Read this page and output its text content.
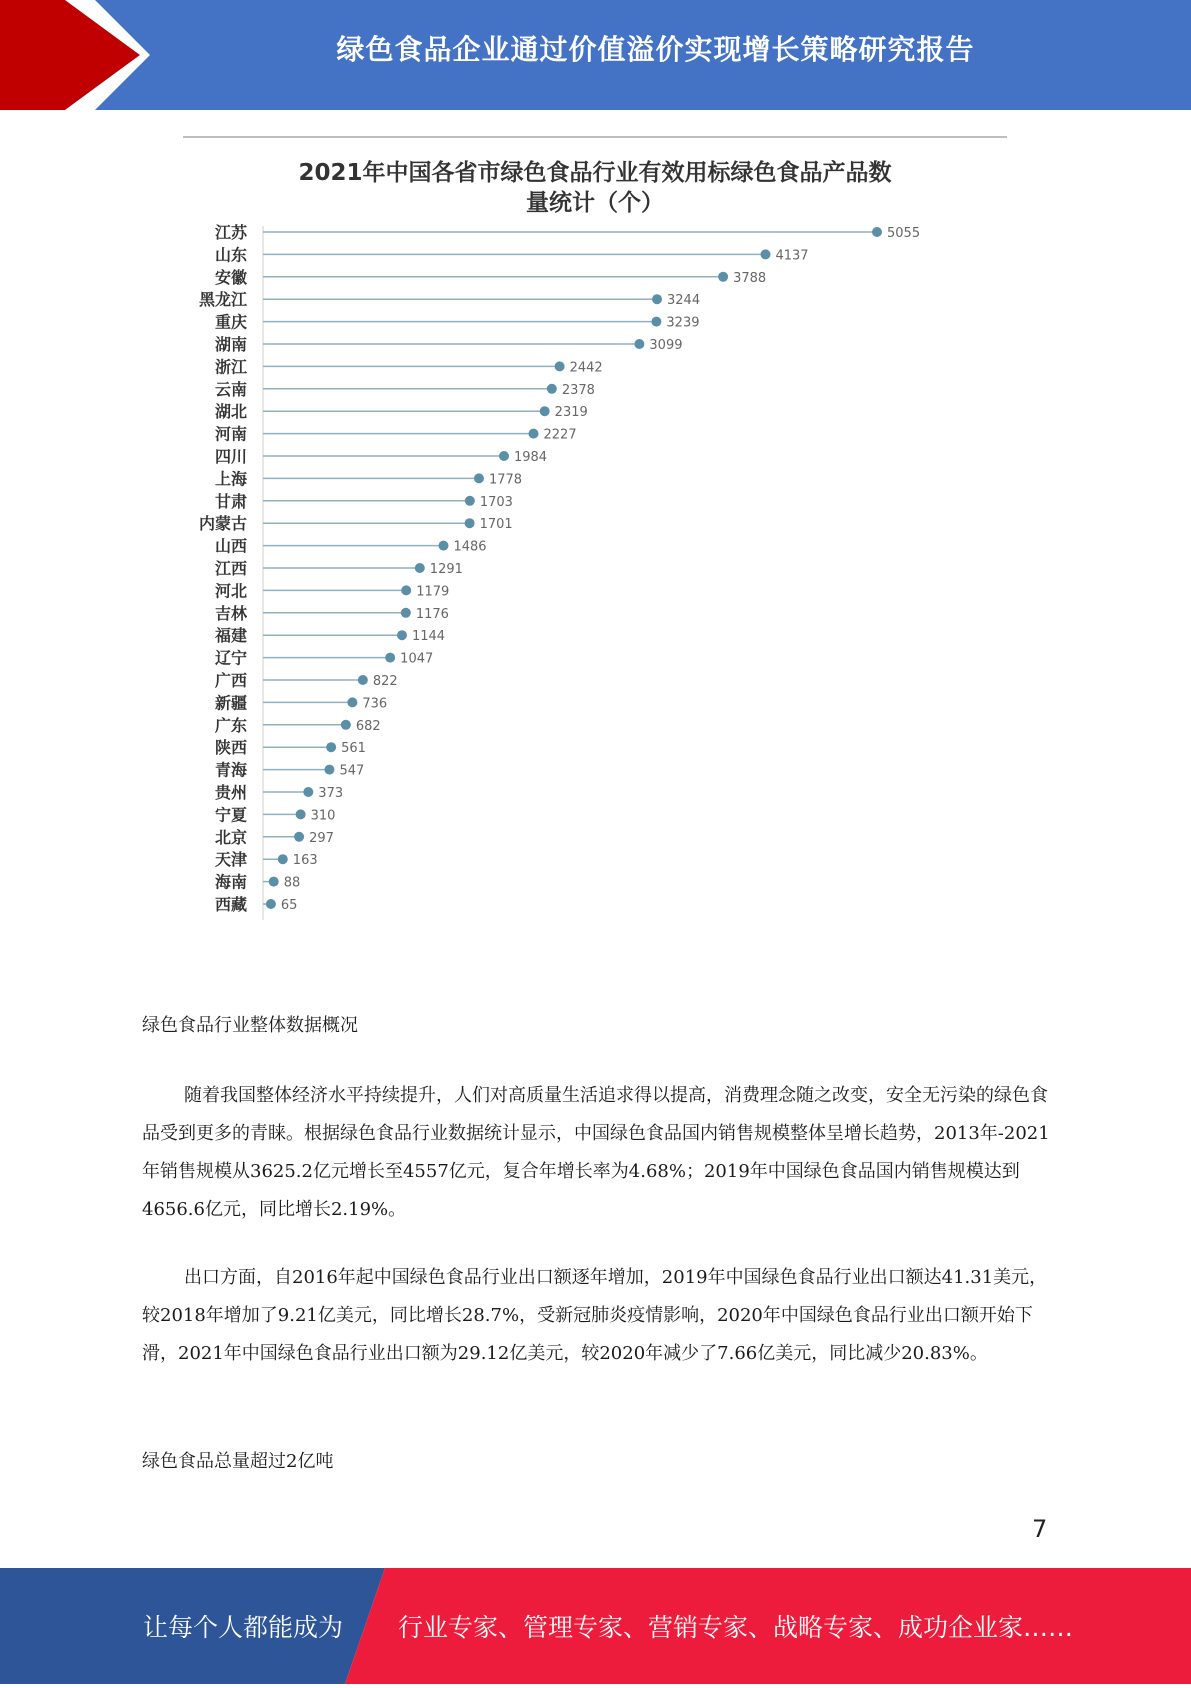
绿色食品企业通过价值溢价实现增长策略研究报告
2021年中国各省市绿色食品行业有效用标绿色食品产品数
量统计（个）
江苏	5055
山东	4137
安徽	3788
黑龙江	3244
重庆	3239
湖南	3099
浙江	2442
云南	2378
湖北	2319
河南	2227
四川	1984
上海	1778
甘肃	1703
内蒙古	1701
山西	1486
江西	1291
河北	1179
吉林	1176
福建	1144
辽宁	1047
广西	822
新疆	736
广东	682
陕西	561
青海	547
贵州	373
宁夏	310
北京	297
天津	163
海南	88
西藏	65
绿色食品行业整体数据概况
随着我国整体经济水平持续提升，人们对高质量生活追求得以提高，消费理念随之改变，安全无污染的绿色食品受到更多的青睐。根据绿色食品行业数据统计显示，中国绿色食品国内销售规模整体呈增长趋势，2013年-2021年销售规模从3625.2亿元增长至4557亿元，复合年增长率为4.68%；2019年中国绿色食品国内销售规模达到4656.6亿元，同比增长2.19%。
出口方面，自2016年起中国绿色食品行业出口额逐年增加，2019年中国绿色食品行业出口额达41.31美元，较2018年增加了9.21亿美元，同比增长28.7%，受新冠肺炎疫情影响，2020年中国绿色食品行业出口额开始下滑，2021年中国绿色食品行业出口额为29.12亿美元，较2020年减少了7.66亿美元，同比减少20.83%。
绿色食品总量超过2亿吨
7
让每个人都能成为 行业专家、管理专家、营销专家、战略专家、成功企业家……
